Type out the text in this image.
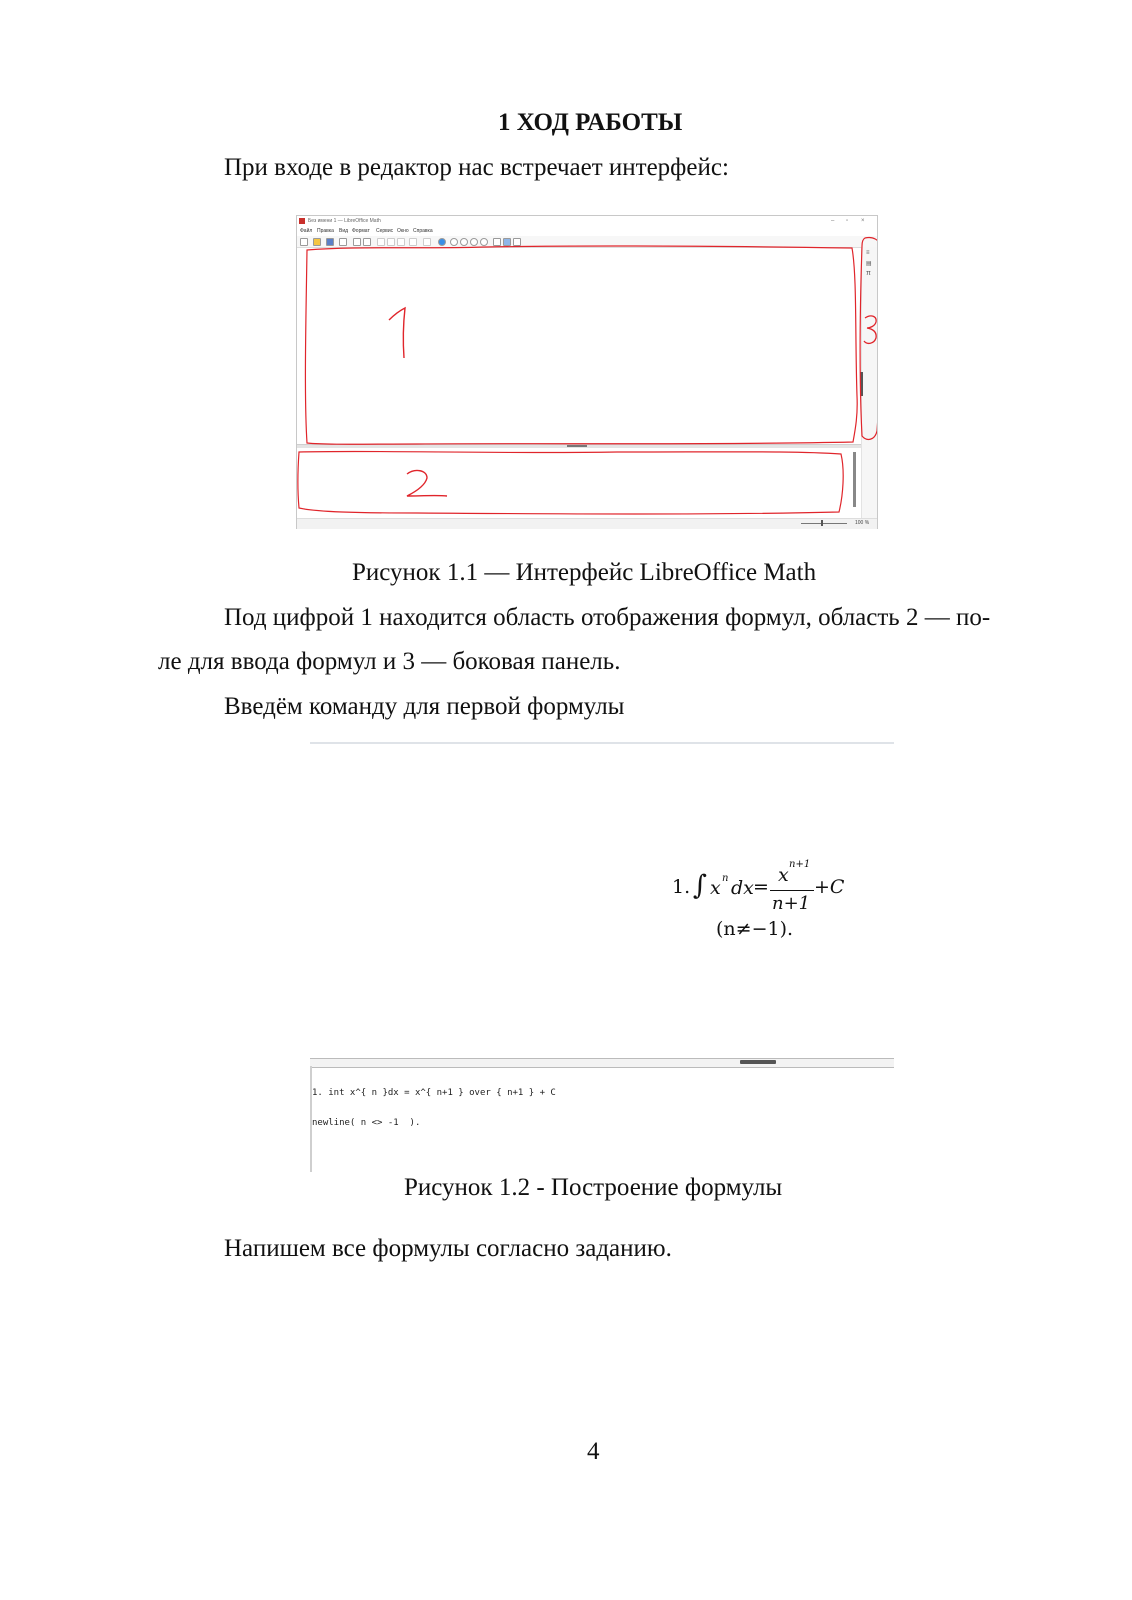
1 ХОД РАБОТЫ
При входе в редактор нас встречает интерфейс:
Без имени 1 — LibreOffice Math	– ▫ ×
Файл Правка Вид Формат Сервис Окно Справка
≡
▤
π
100 %
Рисунок 1.1 — Интерфейс LibreOffice Math
Под цифрой 1 находится область отображения формул, область 2 — по-
ле для ввода формул и 3 — боковая панель.
Введём команду для первой формулы
1. ∫ x n dx =
x n+1
n+1
+C
(n≠−1).

1. int x^{ n }dx = x^{ n+1 } over { n+1 } + C

newline( n <> -1  ).

Рисунок 1.2 - Построение формулы
Напишем все формулы согласно заданию.
4
